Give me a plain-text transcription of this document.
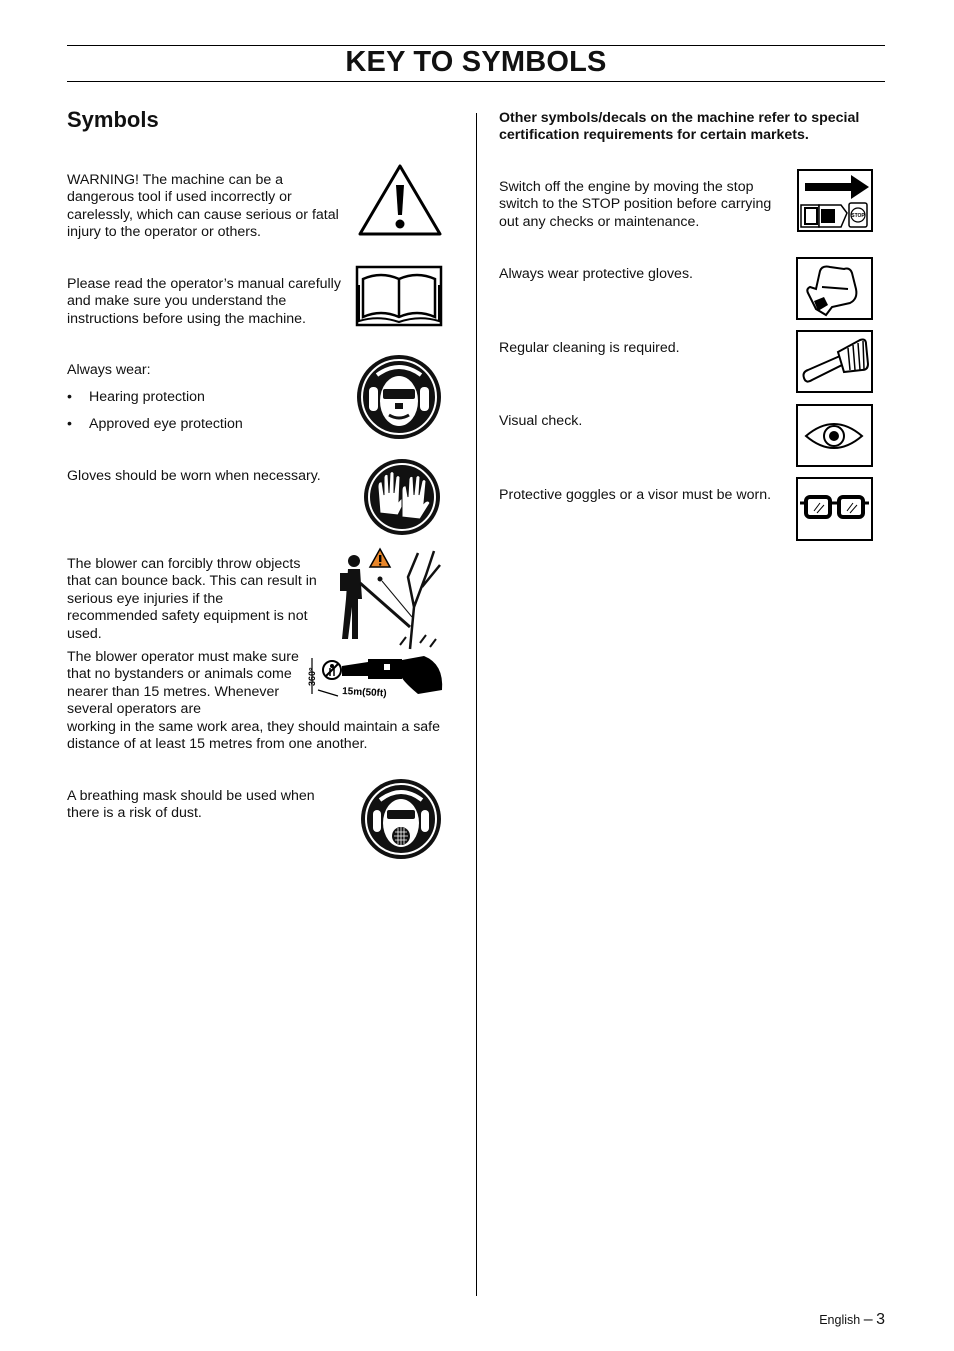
KEY TO SYMBOLS
Symbols
WARNING! The machine can be a dangerous tool if used incorrectly or carelessly, which can cause serious or fatal injury to the operator or others.
Please read the operator’s manual carefully and make sure you understand the instructions before using the machine.
Always wear:
• Hearing protection
• Approved eye protection
Gloves should be worn when necessary.
The blower can forcibly throw objects that can bounce back. This can result in serious eye injuries if the recommended safety equipment is not used.
The blower operator must make sure that no bystanders or animals come nearer than 15 metres. Whenever several operators are
working in the same work area, they should maintain a safe distance of at least 15 metres from one another.
360°
15m(50ft)
A breathing mask should be used when there is a risk of dust.
Other symbols/decals on the machine refer to special certification requirements for certain markets.
Switch off the engine by moving the stop switch to the STOP position before carrying out any checks or maintenance.	STOP
Always wear protective gloves.
Regular cleaning is required.
Visual check.
Protective goggles or a visor must be worn.
English – 3
